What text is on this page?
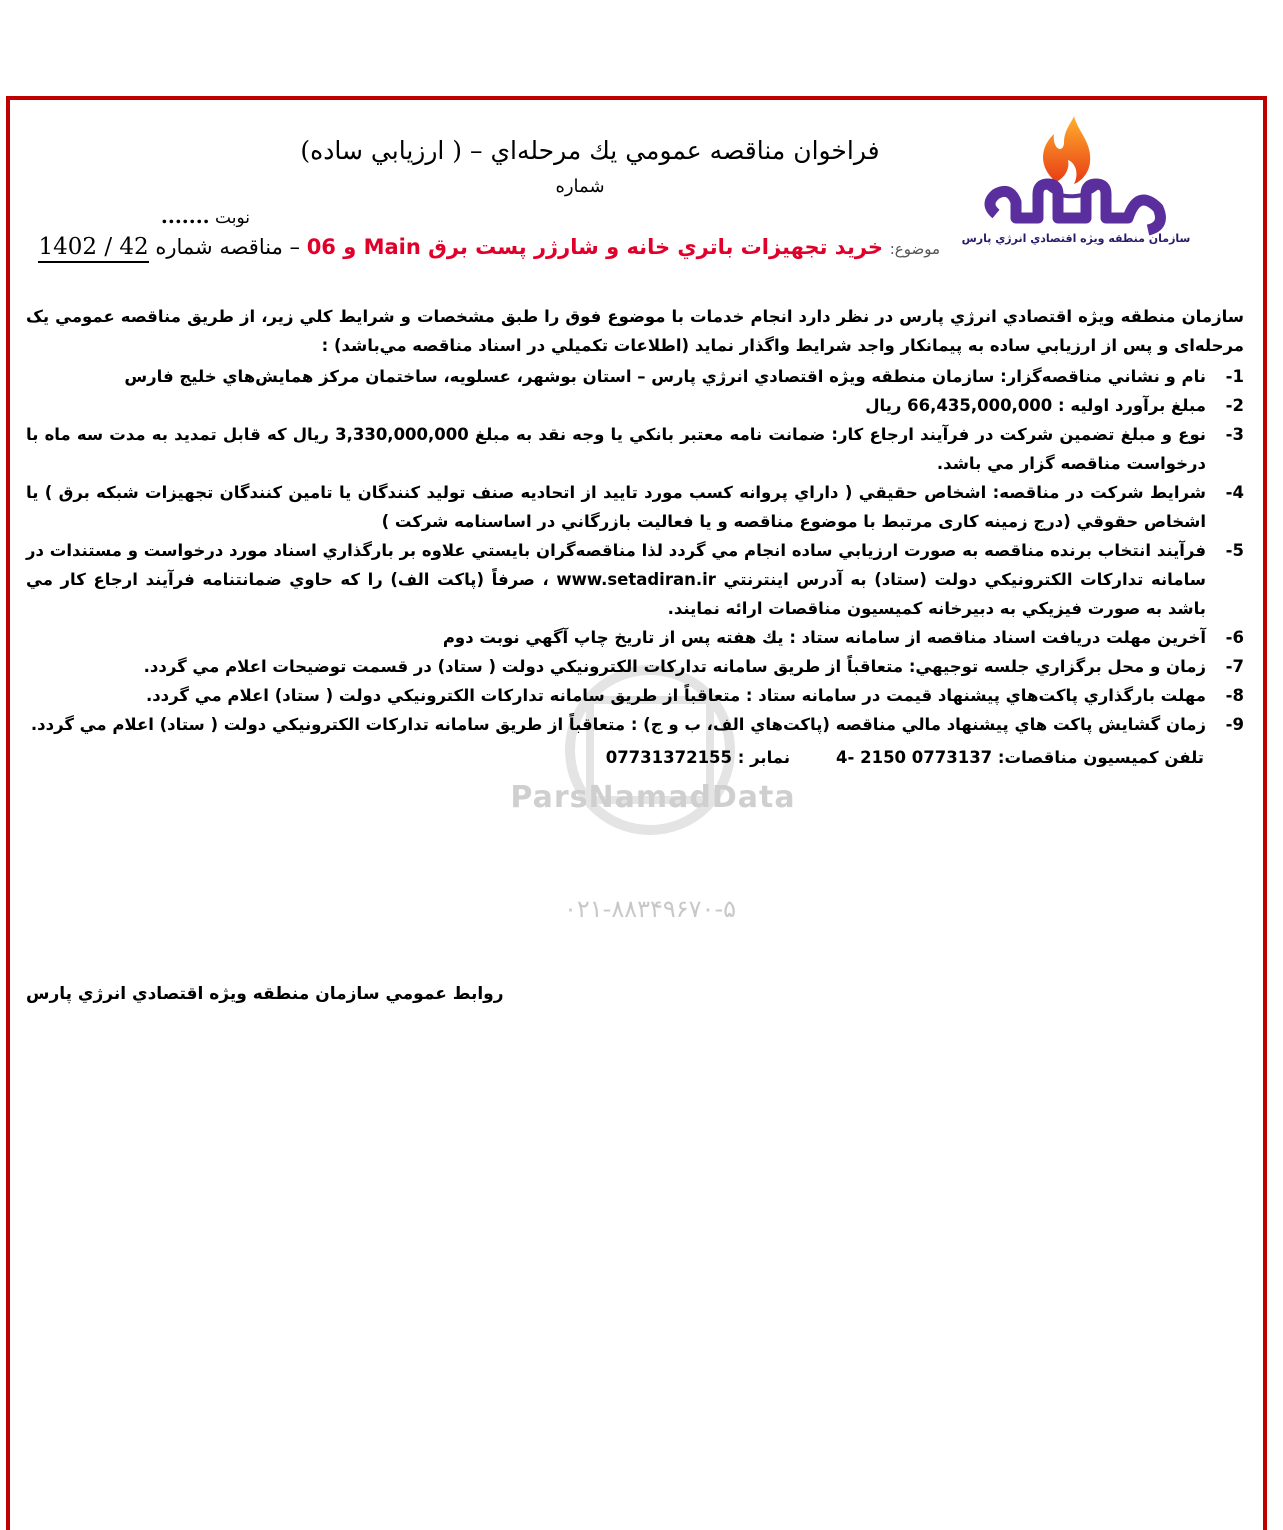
سازمان منطقه ويژه اقتصادي انرژي پارس
فراخوان مناقصه عمومي يك مرحله‌اي – ( ارزيابي ساده)
شماره
نوبت .......
موضوع: خريد تجهيزات باتري خانه و شارژر پست برق Main و 06 – مناقصه شماره 42 / 1402
ParsNamadData
۰۲۱-۸۸۳۴۹۶۷۰-۵

سازمان منطقه ويژه اقتصادي انرژي پارس در نظر دارد انجام خدمات با موضوع فوق را طبق مشخصات و شرايط كلي زير، از طريق مناقصه عمومي یک مرحله‌ای و پس از ارزيابي ساده به پيمانكار واجد شرايط واگذار نمايد (اطلاعات تكميلي در اسناد مناقصه مي‌باشد) :

1-
نام و نشاني مناقصه‌گزار: سازمان منطقه ويژه اقتصادي انرژي پارس – استان بوشهر، عسلويه، ساختمان مركز همايش‌هاي خليج فارس
2-
مبلغ برآورد اوليه : 66,435,000,000 ريال
3-
نوع و مبلغ تضمين شركت در فرآيند ارجاع كار: ضمانت نامه معتبر بانكي يا وجه نقد به مبلغ 3,330,000,000 ريال كه قابل تمديد به مدت سه ماه با درخواست مناقصه گزار مي باشد.
4-
شرايط شركت در مناقصه: اشخاص حقيقي ( داراي پروانه كسب مورد تاييد از اتحاديه صنف توليد كنندگان يا تامين كنندگان تجهيزات شبكه برق ) يا اشخاص حقوقي (درج زمينه كاری مرتبط با موضوع مناقصه و يا فعاليت بازرگاني در اساسنامه شركت )
5-
فرآيند انتخاب برنده مناقصه به صورت ارزيابي ساده انجام مي گردد لذا مناقصه‌گران بايستي علاوه بر بارگذاري اسناد مورد درخواست و مستندات در سامانه تداركات الكترونيكي دولت (ستاد) به آدرس اينترنتي www.setadiran.ir ، صرفاً (پاكت الف) را كه حاوي ضمانتنامه فرآيند ارجاع كار مي باشد به صورت فيزيكي به دبيرخانه كميسيون مناقصات ارائه نمايند.
6-
آخرين مهلت دريافت اسناد مناقصه از سامانه ستاد : يك هفته پس از تاريخ چاپ آگهي نوبت دوم
7-
زمان و محل برگزاري جلسه توجيهي: متعاقباً از طريق سامانه تداركات الكترونيكي دولت ( ستاد) در قسمت توضيحات اعلام مي گردد.
8-
مهلت بارگذاري پاكت‌هاي پيشنهاد قيمت در سامانه ستاد : متعاقباً از طريق سامانه تداركات الكترونيكي دولت ( ستاد) اعلام مي گردد.
9-
زمان گشايش پاكت هاي پيشنهاد مالي مناقصه (پاكت‌هاي الف، ب و ج) : متعاقباً از طريق سامانه تداركات الكترونيكي دولت ( ستاد) اعلام مي گردد.
تلفن كميسيون مناقصات: 0773137 2150 -4
نمابر : 07731372155
روابط عمومي سازمان منطقه ويژه اقتصادي انرژي پارس
